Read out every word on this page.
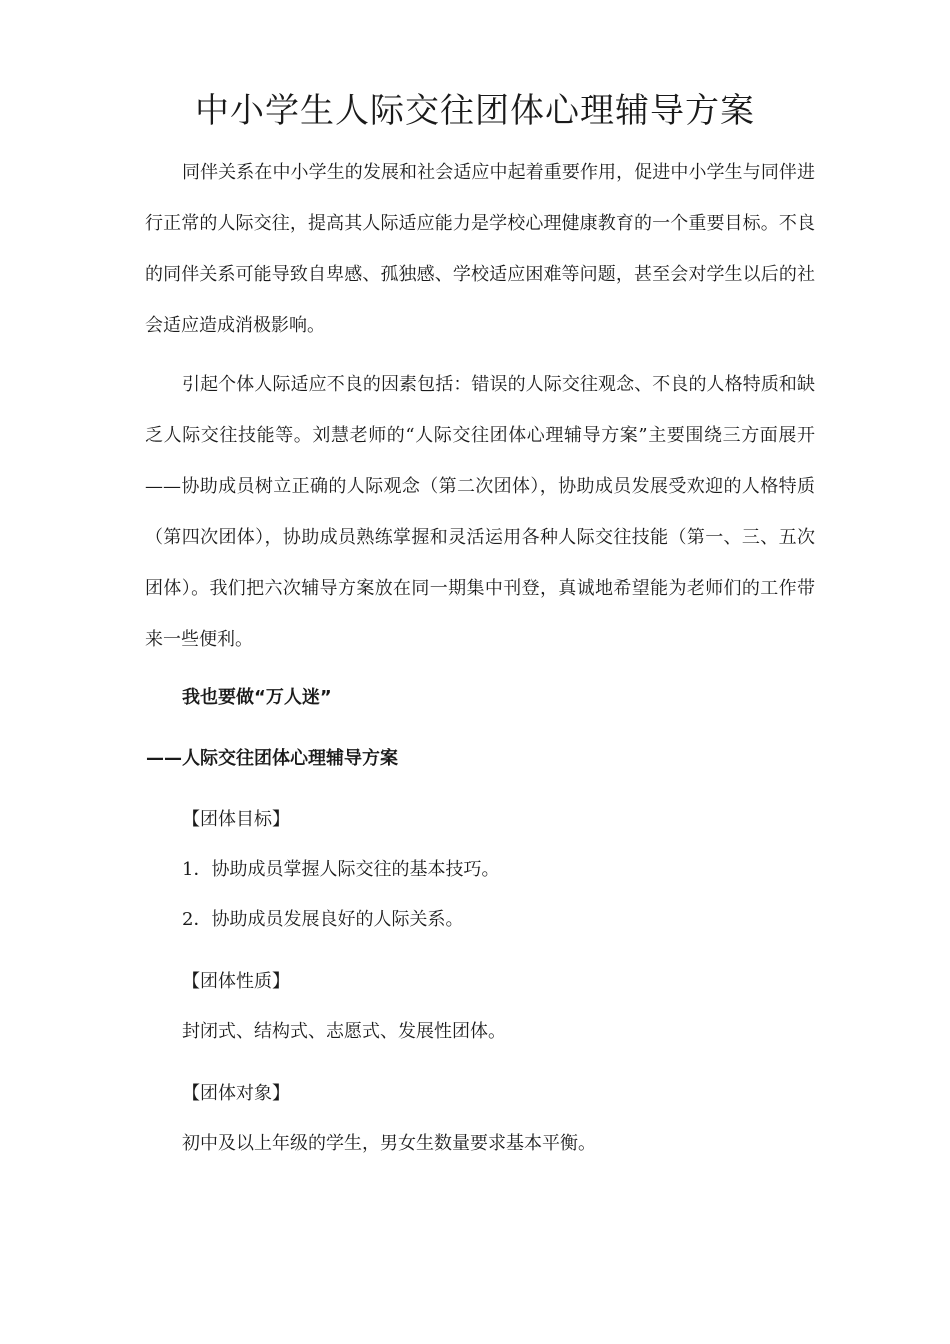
中小学生人际交往团体心理辅导方案

同伴关系在中小学生的发展和社会适应中起着重要作用，促进中小学生与同伴进行正常的人际交往，提高其人际适应能力是学校心理健康教育的一个重要目标。不良的同伴关系可能导致自卑感、孤独感、学校适应困难等问题，甚至会对学生以后的社会适应造成消极影响。

引起个体人际适应不良的因素包括：错误的人际交往观念、不良的人格特质和缺乏人际交往技能等。刘慧老师的“人际交往团体心理辅导方案”主要围绕三方面展开——协助成员树立正确的人际观念（第二次团体），协助成员发展受欢迎的人格特质（第四次团体），协助成员熟练掌握和灵活运用各种人际交往技能（第一、三、五次团体）。我们把六次辅导方案放在同一期集中刊登，真诚地希望能为老师们的工作带来一些便利。

我也要做“万人迷”
——人际交往团体心理辅导方案
【团体目标】
1．协助成员掌握人际交往的基本技巧。
2．协助成员发展良好的人际关系。
【团体性质】
封闭式、结构式、志愿式、发展性团体。
【团体对象】
初中及以上年级的学生，男女生数量要求基本平衡。
